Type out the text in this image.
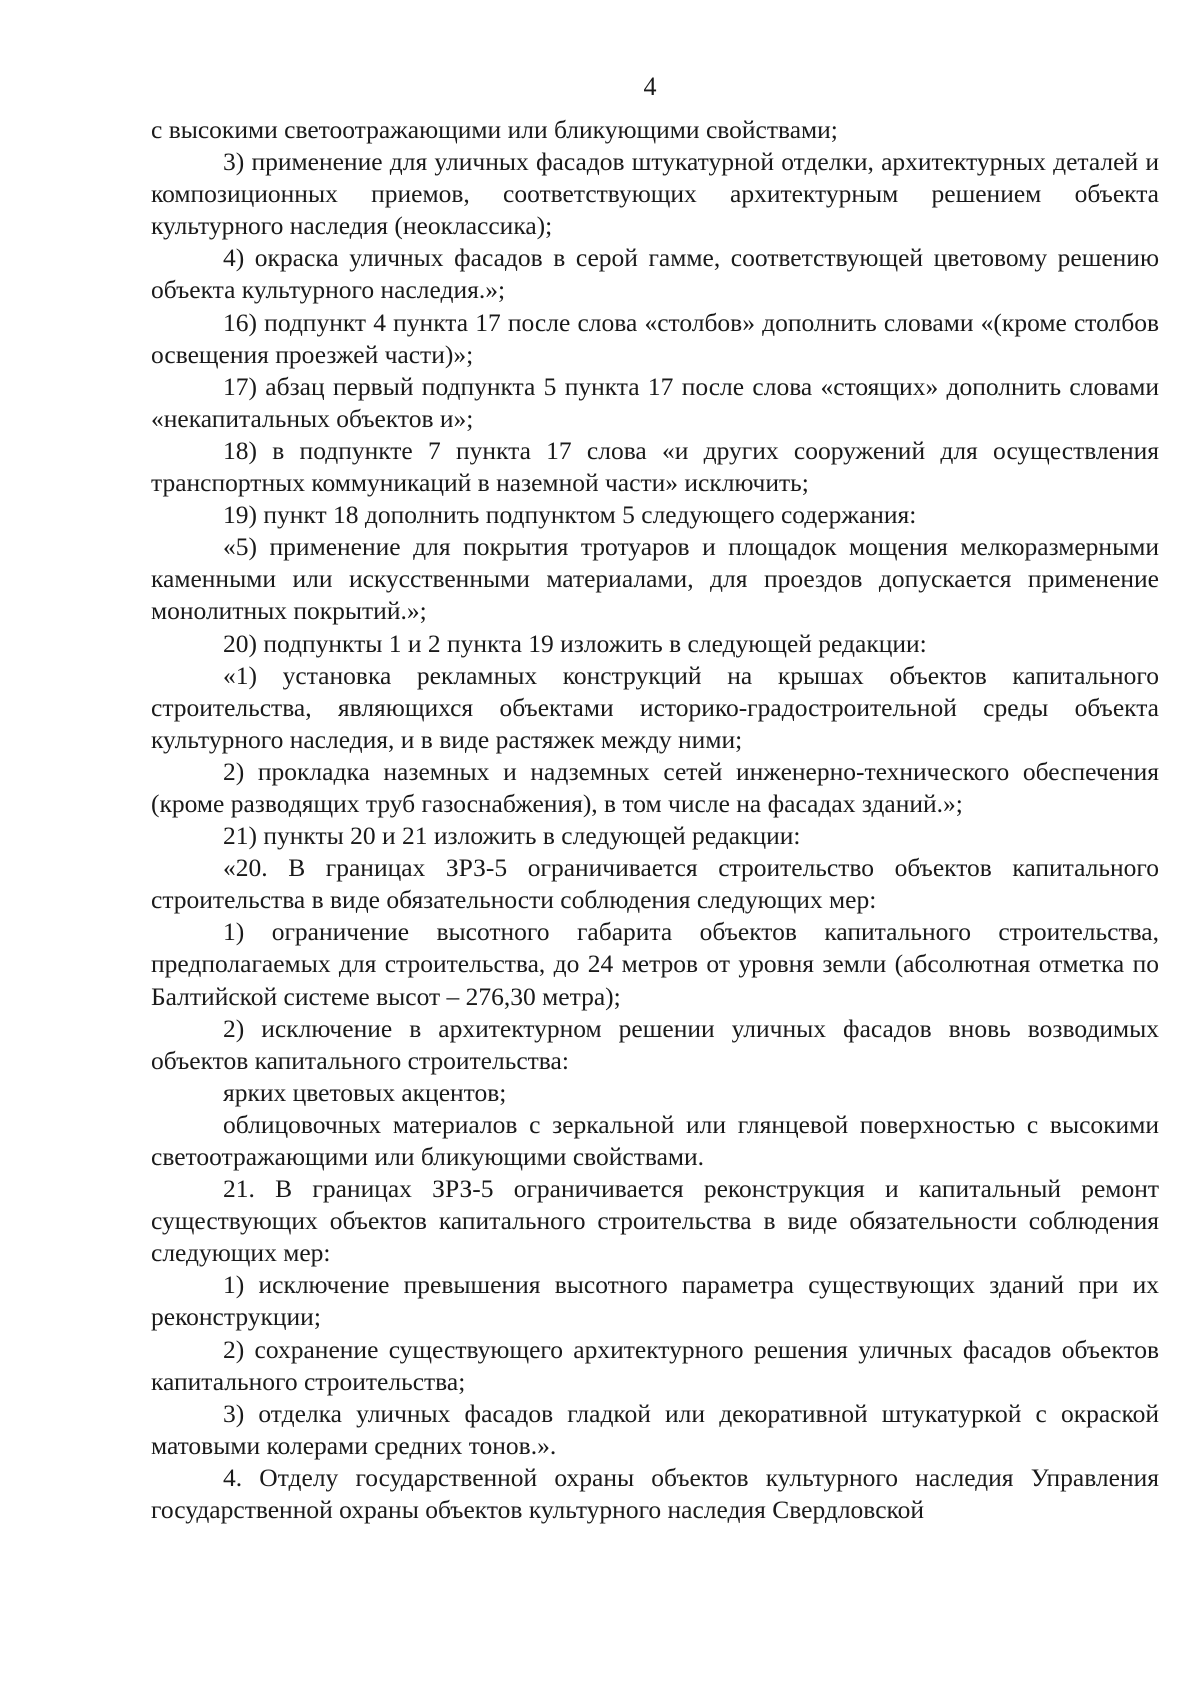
4

с высокими светоотражающими или бликующими свойствами;

3) применение для уличных фасадов штукатурной отделки, архитектурных деталей и композиционных приемов, соответствующих архитектурным решением объекта культурного наследия (неоклассика);

4) окраска уличных фасадов в серой гамме, соответствующей цветовому решению объекта культурного наследия.»;

16) подпункт 4 пункта 17 после слова «столбов» дополнить словами «(кроме столбов освещения проезжей части)»;

17) абзац первый подпункта 5 пункта 17 после слова «стоящих» дополнить словами «некапитальных объектов и»;

18) в подпункте 7 пункта 17 слова «и других сооружений для осуществления транспортных коммуникаций в наземной части» исключить;

19) пункт 18 дополнить подпунктом 5 следующего содержания:

«5) применение для покрытия тротуаров и площадок мощения мелкоразмерными каменными или искусственными материалами, для проездов допускается применение монолитных покрытий.»;

20) подпункты 1 и 2 пункта 19 изложить в следующей редакции:

«1) установка рекламных конструкций на крышах объектов капитального строительства, являющихся объектами историко-градостроительной среды объекта культурного наследия, и в виде растяжек между ними;

2) прокладка наземных и надземных сетей инженерно-технического обеспечения (кроме разводящих труб газоснабжения), в том числе на фасадах зданий.»;

21) пункты 20 и 21 изложить в следующей редакции:

«20. В границах ЗРЗ-5 ограничивается строительство объектов капитального строительства в виде обязательности соблюдения следующих мер:

1) ограничение высотного габарита объектов капитального строительства, предполагаемых для строительства, до 24 метров от уровня земли (абсолютная отметка по Балтийской системе высот – 276,30 метра);

2) исключение в архитектурном решении уличных фасадов вновь возводимых объектов капитального строительства:

ярких цветовых акцентов;

облицовочных материалов с зеркальной или глянцевой поверхностью с высокими светоотражающими или бликующими свойствами.

21. В границах ЗРЗ-5 ограничивается реконструкция и капитальный ремонт существующих объектов капитального строительства в виде обязательности соблюдения следующих мер:

1) исключение превышения высотного параметра существующих зданий при их реконструкции;

2) сохранение существующего архитектурного решения уличных фасадов объектов капитального строительства;

3) отделка уличных фасадов гладкой или декоративной штукатуркой с окраской матовыми колерами средних тонов.».

4. Отделу государственной охраны объектов культурного наследия Управления государственной охраны объектов культурного наследия Свердловской
